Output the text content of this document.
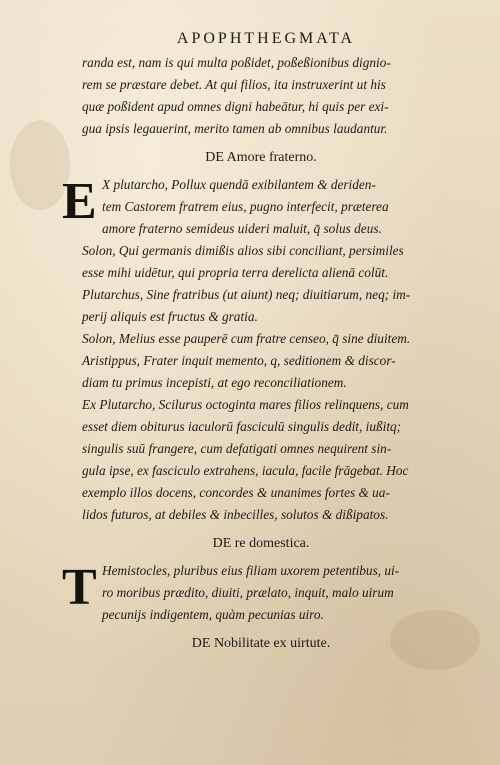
APOPHTHEGMATA
randa est, nam is qui multa poßidet, poßeßionibus dignio-
rem se præstare debet. At qui filios, ita instruxerint ut his
quæ poßident apud omnes digni habeātur, hi quis per exi-
gua ipsis legauerint, merito tamen ab omnibus laudantur.
DE Amore fraterno.
E X plutarcho, Pollux quendā exibilantem & deriden-
tem Castorem fratrem eius, pugno interfecit, præterea
amore fraterno semideus uideri maluit, q̄ solus deus.
Solon, Qui germanis dimißis alios sibi conciliant, persimiles
esse mihi uidētur, qui propria terra derelicta alienā colūt.
Plutarchus, Sine fratribus (ut aiunt) neq; diuitiarum, neq; im-
perij aliquis est fructus & gratia.
Solon, Melius esse pauperē cum fratre censeo, q̄ sine diuitem.
Aristippus, Frater inquit memento, q, seditionem & discor-
diam tu primus incepisti, at ego reconciliationem.
Ex Plutarcho, Scilurus octoginta mares filios relinquens, cum
esset diem obiturus iaculorū fasciculū singulis dedit, iußitq;
singulis suū frangere, cum defatigati omnes nequirent sin-
gula ipse, ex fasciculo extrahens, iacula, facile frāgebat. Hoc
exemplo illos docens, concordes & unanimes fortes & ua-
lidos futuros, at debiles & inbecilles, solutos & dißipatos.
DE re domestica.
T Hemistocles, pluribus eius filiam uxorem petentibus, ui-
ro moribus prædito, diuiti, prælato, inquit, malo uirum
pecunijs indigentem, quàm pecunias uiro.
DE Nobilitate ex uirtute.
